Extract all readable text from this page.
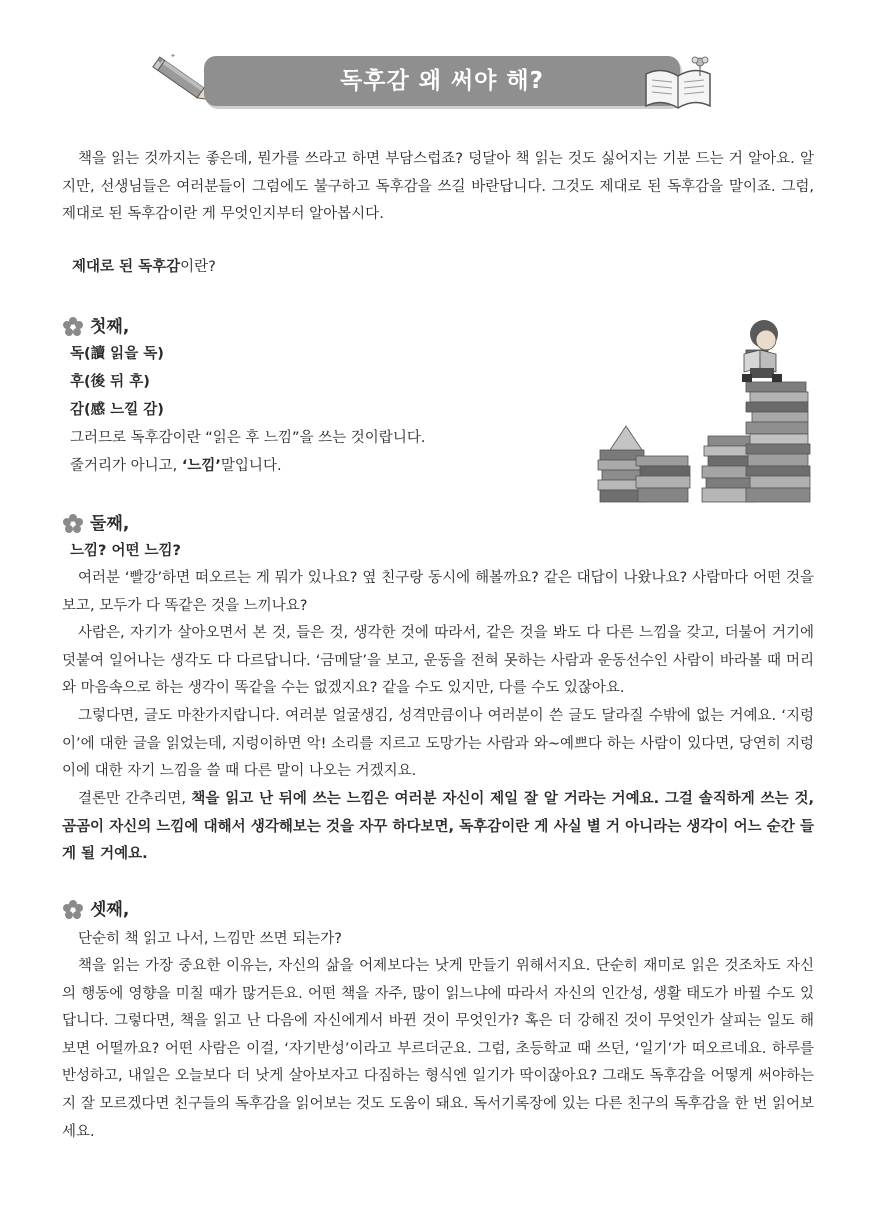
✦ ✦
독후감 왜 써야 해?

책을 읽는 것까지는 좋은데, 뭔가를 쓰라고 하면 부담스럽죠? 덩달아 책 읽는 것도 싫어지는 기분 드는 거 알아요. 알지만, 선생님들은 여러분들이 그럼에도 불구하고 독후감을 쓰길 바란답니다. 그것도 제대로 된 독후감을 말이죠. 그럼, 제대로 된 독후감이란 게 무엇인지부터 알아봅시다.

제대로 된 독후감이란?

첫째,

독(讀 읽을 독)

후(後 뒤 후)

감(感 느낄 감)

그러므로 독후감이란 “읽은 후 느낌”을 쓰는 것이랍니다.

줄거리가 아니고, ‘느낌’말입니다.

둘째,

느낌? 어떤 느낌?

여러분 ‘빨강’하면 떠오르는 게 뭐가 있나요? 옆 친구랑 동시에 해볼까요? 같은 대답이 나왔나요? 사람마다 어떤 것을 보고, 모두가 다 똑같은 것을 느끼나요?

사람은, 자기가 살아오면서 본 것, 들은 것, 생각한 것에 따라서, 같은 것을 봐도 다 다른 느낌을 갖고, 더불어 거기에 덧붙여 일어나는 생각도 다 다르답니다. ‘금메달’을 보고, 운동을 전혀 못하는 사람과 운동선수인 사람이 바라볼 때 머리와 마음속으로 하는 생각이 똑같을 수는 없겠지요? 같을 수도 있지만, 다를 수도 있잖아요.

그렇다면, 글도 마찬가지랍니다. 여러분 얼굴생김, 성격만큼이나 여러분이 쓴 글도 달라질 수밖에 없는 거예요. ‘지렁이’에 대한 글을 읽었는데, 지렁이하면 악! 소리를 지르고 도망가는 사람과 와~예쁘다 하는 사람이 있다면, 당연히 지렁이에 대한 자기 느낌을 쓸 때 다른 말이 나오는 거겠지요.

결론만 간추리면, 책을 읽고 난 뒤에 쓰는 느낌은 여러분 자신이 제일 잘 알 거라는 거예요. 그걸 솔직하게 쓰는 것, 곰곰이 자신의 느낌에 대해서 생각해보는 것을 자꾸 하다보면, 독후감이란 게 사실 별 거 아니라는 생각이 어느 순간 들게 될 거예요.

셋째,

단순히 책 읽고 나서, 느낌만 쓰면 되는가?

책을 읽는 가장 중요한 이유는, 자신의 삶을 어제보다는 낫게 만들기 위해서지요. 단순히 재미로 읽은 것조차도 자신의 행동에 영향을 미칠 때가 많거든요. 어떤 책을 자주, 많이 읽느냐에 따라서 자신의 인간성, 생활 태도가 바뀔 수도 있답니다. 그렇다면, 책을 읽고 난 다음에 자신에게서 바뀐 것이 무엇인가? 혹은 더 강해진 것이 무엇인가 살피는 일도 해보면 어떨까요? 어떤 사람은 이걸, ‘자기반성’이라고 부르더군요. 그럼, 초등학교 때 쓰던, ‘일기’가 떠오르네요. 하루를 반성하고, 내일은 오늘보다 더 낫게 살아보자고 다짐하는 형식엔 일기가 딱이잖아요? 그래도 독후감을 어떻게 써야하는지 잘 모르겠다면 친구들의 독후감을 읽어보는 것도 도움이 돼요. 독서기록장에 있는 다른 친구의 독후감을 한 번 읽어보세요.
